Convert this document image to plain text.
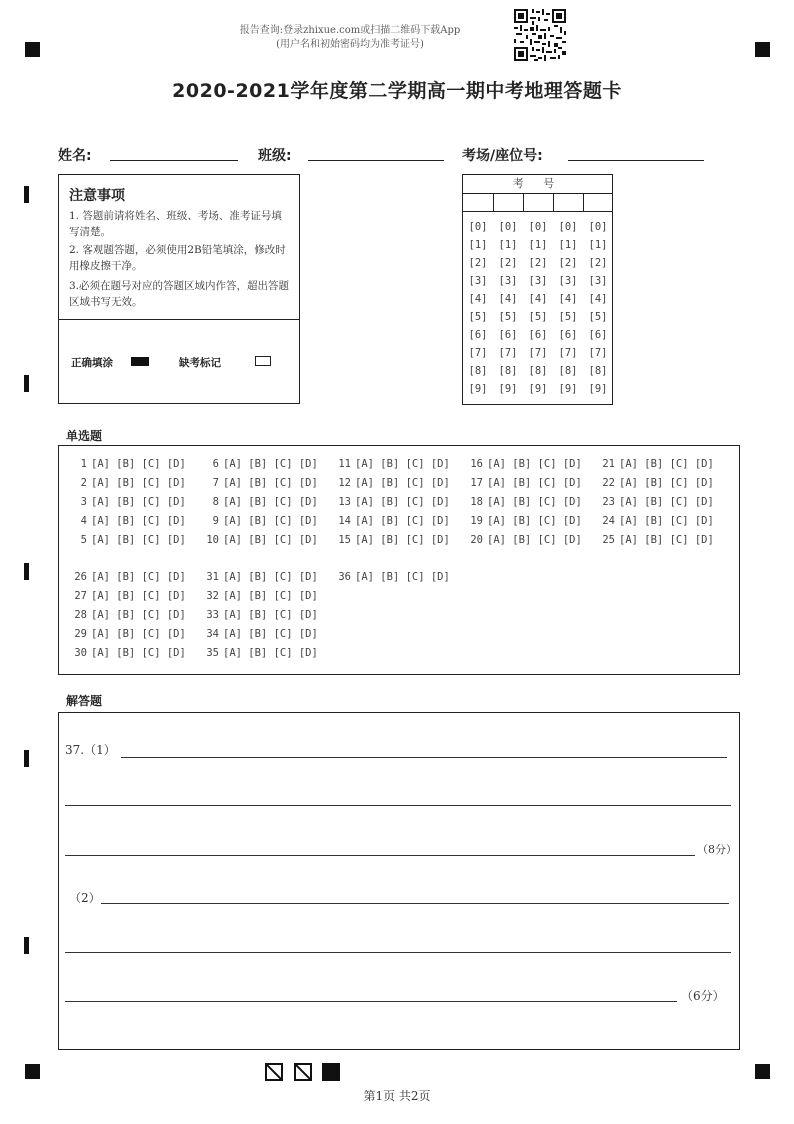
报告查询:登录zhixue.com或扫描二维码下载App
(用户名和初始密码均为准考证号)
2020-2021学年度第二学期高一期中考地理答题卡
姓名:	班级:	考场/座位号:
注意事项
1. 答题前请将姓名、班级、考场、准考证号填写清楚。
2. 客观题答题，必须使用2B铅笔填涂，修改时用橡皮擦干净。
3.必须在题号对应的答题区域内作答，超出答题区域书写无效。
正确填涂	缺考标记
考 号
[0] [0] [0] [0] [0]
[1] [1] [1] [1] [1]
[2] [2] [2] [2] [2]
[3] [3] [3] [3] [3]
[4] [4] [4] [4] [4]
[5] [5] [5] [5] [5]
[6] [6] [6] [6] [6]
[7] [7] [7] [7] [7]
[8] [8] [8] [8] [8]
[9] [9] [9] [9] [9]
单选题
1 [A] [B] [C] [D]	6 [A] [B] [C] [D]	11 [A] [B] [C] [D]	16 [A] [B] [C] [D]	21 [A] [B] [C] [D]
2 [A] [B] [C] [D]	7 [A] [B] [C] [D]	12 [A] [B] [C] [D]	17 [A] [B] [C] [D]	22 [A] [B] [C] [D]
3 [A] [B] [C] [D]	8 [A] [B] [C] [D]	13 [A] [B] [C] [D]	18 [A] [B] [C] [D]	23 [A] [B] [C] [D]
4 [A] [B] [C] [D]	9 [A] [B] [C] [D]	14 [A] [B] [C] [D]	19 [A] [B] [C] [D]	24 [A] [B] [C] [D]
5 [A] [B] [C] [D]	10 [A] [B] [C] [D]	15 [A] [B] [C] [D]	20 [A] [B] [C] [D]	25 [A] [B] [C] [D]
26 [A] [B] [C] [D]	31 [A] [B] [C] [D]	36 [A] [B] [C] [D]
27 [A] [B] [C] [D]	32 [A] [B] [C] [D]
28 [A] [B] [C] [D]	33 [A] [B] [C] [D]
29 [A] [B] [C] [D]	34 [A] [B] [C] [D]
30 [A] [B] [C] [D]	35 [A] [B] [C] [D]
解答题
37.（1）
（8分）
（2）
（6分）
第1页 共2页
